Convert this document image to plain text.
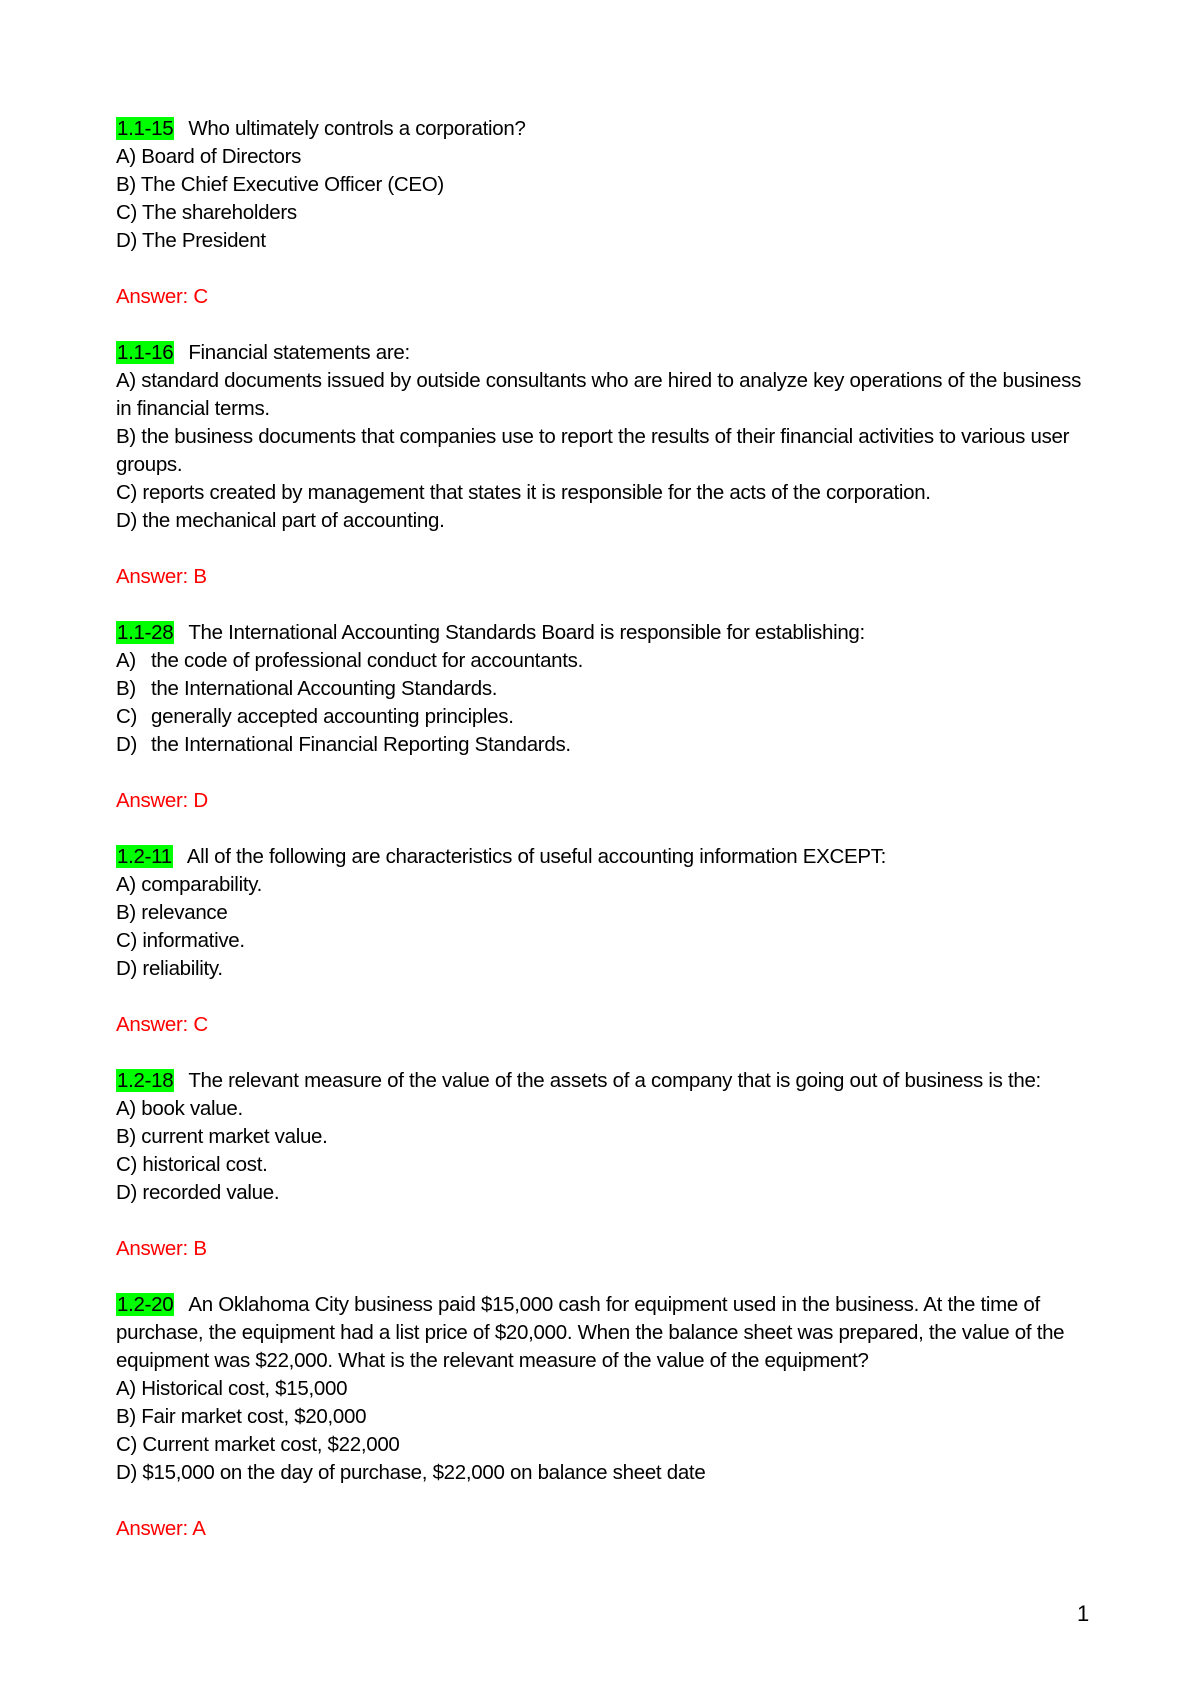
1.1-15 Who ultimately controls a corporation?

A) Board of Directors

B) The Chief Executive Officer (CEO)

C) The shareholders

D) The President

Answer: C

1.1-16 Financial statements are:

A) standard documents issued by outside consultants who are hired to analyze key operations of the business in financial terms.

B) the business documents that companies use to report the results of their financial activities to various user groups.

C) reports created by management that states it is responsible for the acts of the corporation.

D) the mechanical part of accounting.

Answer: B

1.1-28 The International Accounting Standards Board is responsible for establishing:

A) the code of professional conduct for accountants.

B) the International Accounting Standards.

C) generally accepted accounting principles.

D) the International Financial Reporting Standards.

Answer: D

1.2-11 All of the following are characteristics of useful accounting information EXCEPT:

A) comparability.

B) relevance

C) informative.

D) reliability.

Answer: C

1.2-18 The relevant measure of the value of the assets of a company that is going out of business is the:

A) book value.

B) current market value.

C) historical cost.

D) recorded value.

Answer: B

1.2-20 An Oklahoma City business paid $15,000 cash for equipment used in the business. At the time of purchase, the equipment had a list price of $20,000. When the balance sheet was prepared, the value of the equipment was $22,000. What is the relevant measure of the value of the equipment?

A) Historical cost, $15,000

B) Fair market cost, $20,000

C) Current market cost, $22,000

D) $15,000 on the day of purchase, $22,000 on balance sheet date

Answer: A

1
